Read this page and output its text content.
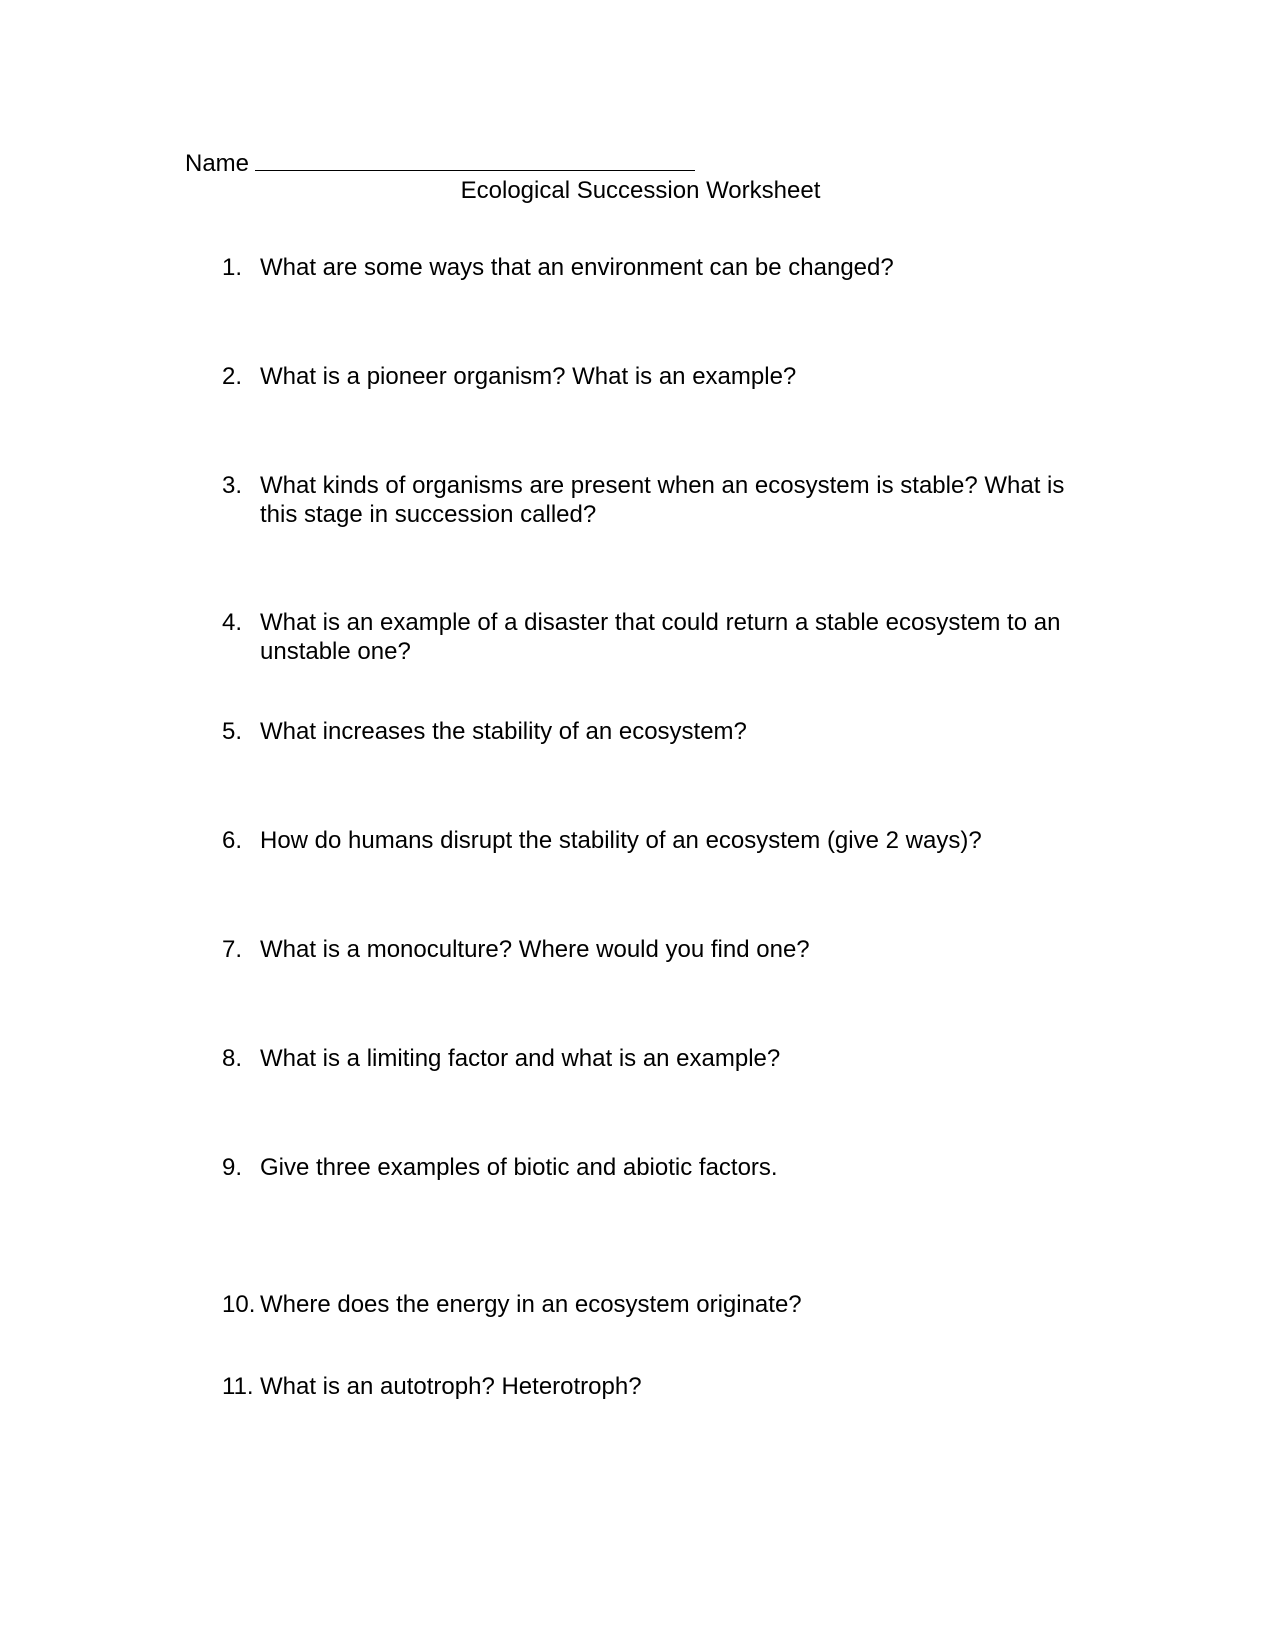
Name
Ecological Succession Worksheet
1. What are some ways that an environment can be changed?
2. What is a pioneer organism? What is an example?
3. What kinds of organisms are present when an ecosystem is stable? What is this stage in succession called?
4. What is an example of a disaster that could return a stable ecosystem to an unstable one?
5. What increases the stability of an ecosystem?
6. How do humans disrupt the stability of an ecosystem (give 2 ways)?
7. What is a monoculture? Where would you find one?
8. What is a limiting factor and what is an example?
9. Give three examples of biotic and abiotic factors.
10. Where does the energy in an ecosystem originate?
11. What is an autotroph? Heterotroph?
